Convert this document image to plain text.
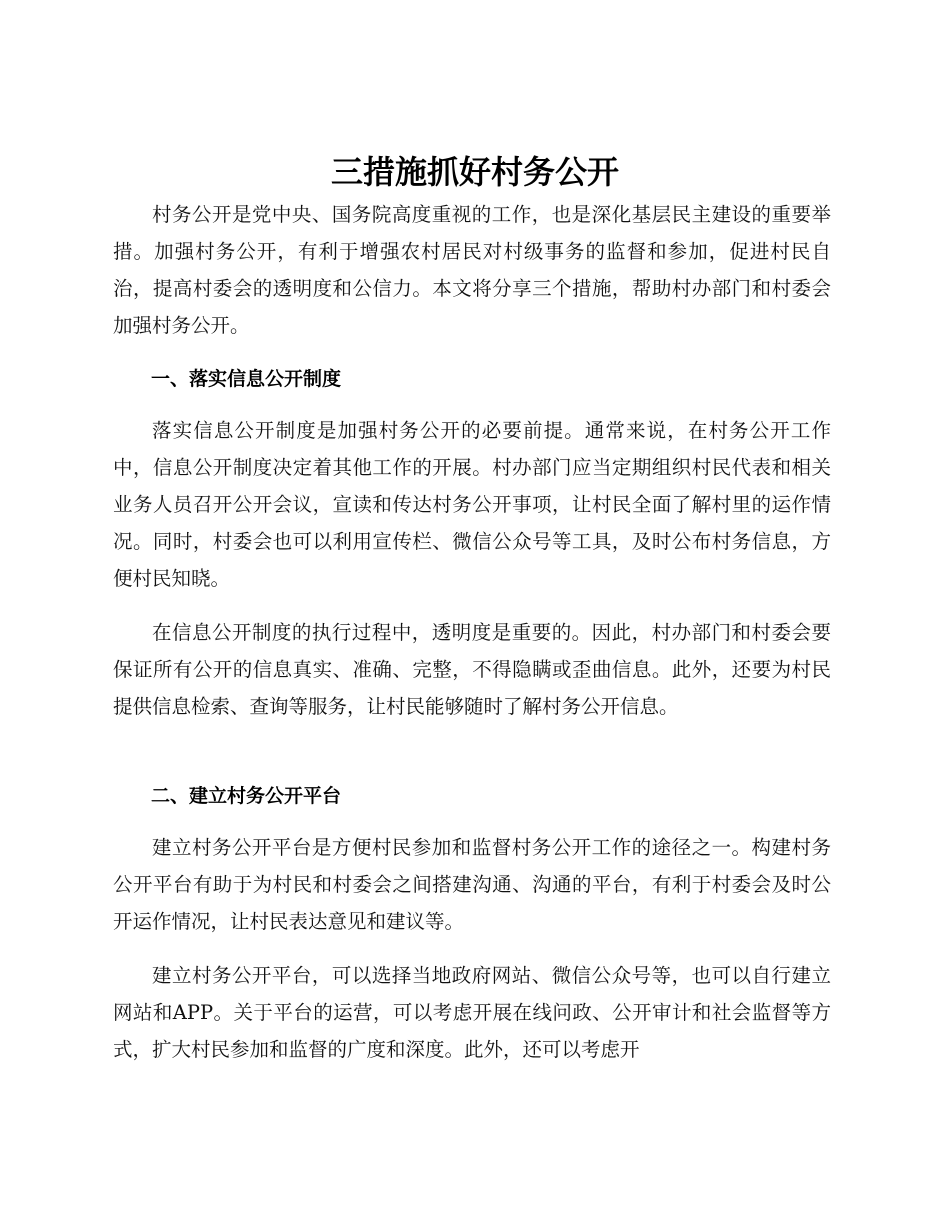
三措施抓好村务公开

村务公开是党中央、国务院高度重视的工作，也是深化基层民主建设的重要举措。加强村务公开，有利于增强农村居民对村级事务的监督和参加，促进村民自治，提高村委会的透明度和公信力。本文将分享三个措施，帮助村办部门和村委会加强村务公开。

一、落实信息公开制度

落实信息公开制度是加强村务公开的必要前提。通常来说，在村务公开工作中，信息公开制度决定着其他工作的开展。村办部门应当定期组织村民代表和相关业务人员召开公开会议，宣读和传达村务公开事项，让村民全面了解村里的运作情况。同时，村委会也可以利用宣传栏、微信公众号等工具，及时公布村务信息，方便村民知晓。

在信息公开制度的执行过程中，透明度是重要的。因此，村办部门和村委会要保证所有公开的信息真实、准确、完整，不得隐瞒或歪曲信息。此外，还要为村民提供信息检索、查询等服务，让村民能够随时了解村务公开信息。

二、建立村务公开平台

建立村务公开平台是方便村民参加和监督村务公开工作的途径之一。构建村务公开平台有助于为村民和村委会之间搭建沟通、沟通的平台，有利于村委会及时公开运作情况，让村民表达意见和建议等。

建立村务公开平台，可以选择当地政府网站、微信公众号等，也可以自行建立网站和APP。关于平台的运营，可以考虑开展在线问政、公开审计和社会监督等方式，扩大村民参加和监督的广度和深度。此外，还可以考虑开
